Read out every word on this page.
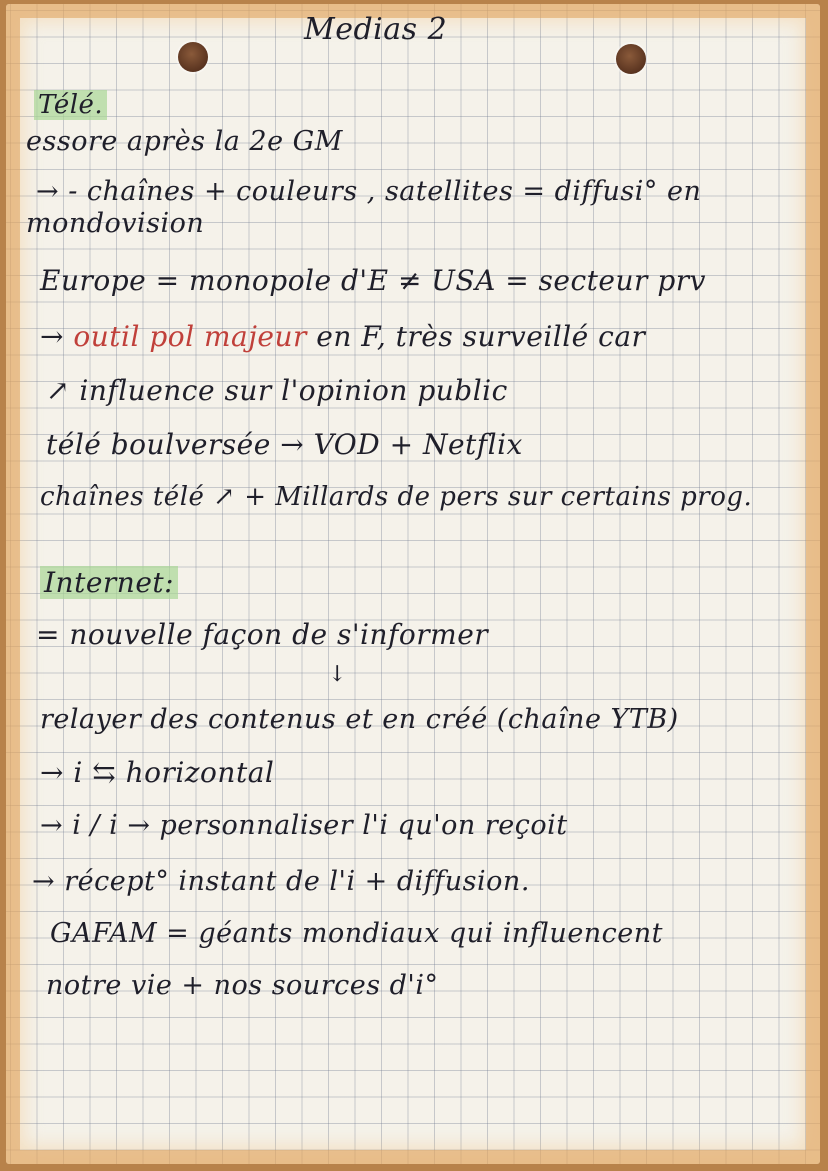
Medias 2
Télé.
essore après la 2e GM
→ - chaînes + couleurs , satellites = diffusi° en
mondovision
Europe = monopole d'E ≠ USA = secteur prv
→ outil pol majeur en F, très surveillé car
↗ influence sur l'opinion public
télé boulversée → VOD + Netflix
chaînes télé ↗ + Millards de pers sur certains prog.
Internet:
= nouvelle façon de s'informer
↓
relayer des contenus et en créé (chaîne YTB)
→ i ⇆ horizontal
→ i / i → personnaliser l'i qu'on reçoit
→ récept° instant de l'i + diffusion.
GAFAM = géants mondiaux qui influencent
notre vie + nos sources d'i°
